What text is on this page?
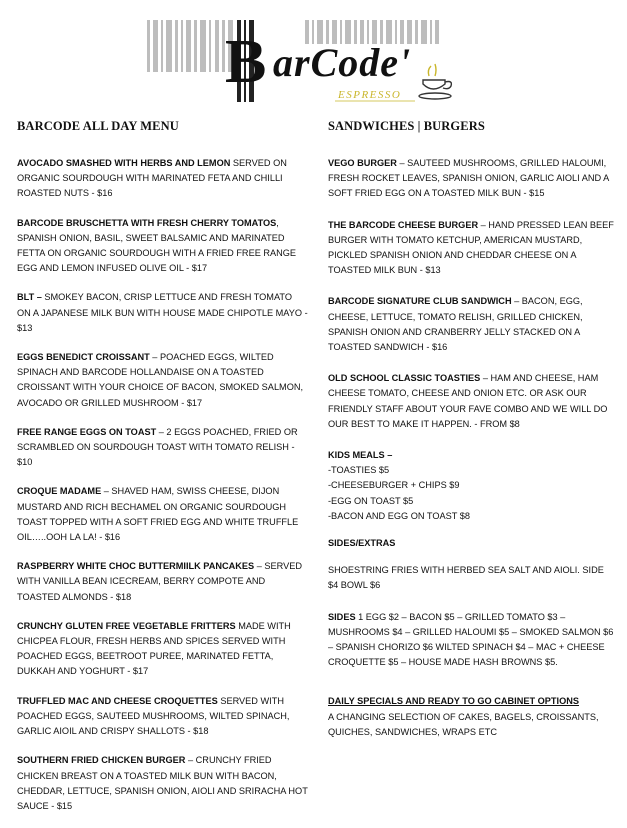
B arCode'
ESPRESSO
BARCODE ALL DAY MENU
AVOCADO SMASHED WITH HERBS AND LEMON SERVED ON ORGANIC SOURDOUGH WITH MARINATED FETA AND CHILLI ROASTED NUTS - $16
BARCODE BRUSCHETTA WITH FRESH CHERRY TOMATOS, SPANISH ONION, BASIL, SWEET BALSAMIC AND MARINATED FETTA ON ORGANIC SOURDOUGH WITH A FRIED FREE RANGE EGG AND LEMON INFUSED OLIVE OIL - $17
BLT – SMOKEY BACON, CRISP LETTUCE AND FRESH TOMATO ON A JAPANESE MILK BUN WITH HOUSE MADE CHIPOTLE MAYO - $13
EGGS BENEDICT CROISSANT – POACHED EGGS, WILTED SPINACH AND BARCODE HOLLANDAISE ON A TOASTED CROISSANT WITH YOUR CHOICE OF BACON, SMOKED SALMON, AVOCADO OR GRILLED MUSHROOM - $17
FREE RANGE EGGS ON TOAST – 2 EGGS POACHED, FRIED OR SCRAMBLED ON SOURDOUGH TOAST WITH TOMATO RELISH - $10
CROQUE MADAME – SHAVED HAM, SWISS CHEESE, DIJON MUSTARD AND RICH BECHAMEL ON ORGANIC SOURDOUGH TOAST TOPPED WITH A SOFT FRIED EGG AND WHITE TRUFFLE OIL…..OOH LA LA! - $16
RASPBERRY WHITE CHOC BUTTERMIILK PANCAKES – SERVED WITH VANILLA BEAN ICECREAM, BERRY COMPOTE AND TOASTED ALMONDS - $18
CRUNCHY GLUTEN FREE VEGETABLE FRITTERS MADE WITH CHICPEA FLOUR, FRESH HERBS AND SPICES SERVED WITH POACHED EGGS, BEETROOT PUREE, MARINATED FETTA, DUKKAH AND YOGHURT - $17
TRUFFLED MAC AND CHEESE CROQUETTES SERVED WITH POACHED EGGS, SAUTEED MUSHROOMS, WILTED SPINACH, GARLIC AIOIL AND CRISPY SHALLOTS - $18
SOUTHERN FRIED CHICKEN BURGER – CRUNCHY FRIED CHICKEN BREAST ON A TOASTED MILK BUN WITH BACON, CHEDDAR, LETTUCE, SPANISH ONION, AIOLI AND SRIRACHA HOT SAUCE - $15
SANDWICHES | BURGERS
VEGO BURGER – SAUTEED MUSHROOMS, GRILLED HALOUMI, FRESH ROCKET LEAVES, SPANISH ONION, GARLIC AIOLI AND A SOFT FRIED EGG ON A TOASTED MILK BUN - $15
THE BARCODE CHEESE BURGER – HAND PRESSED LEAN BEEF BURGER WITH TOMATO KETCHUP, AMERICAN MUSTARD, PICKLED SPANISH ONION AND CHEDDAR CHEESE ON A TOASTED MILK BUN - $13
BARCODE SIGNATURE CLUB SANDWICH – BACON, EGG, CHEESE, LETTUCE, TOMATO RELISH, GRILLED CHICKEN, SPANISH ONION AND CRANBERRY JELLY STACKED ON A TOASTED SANDWICH - $16
OLD SCHOOL CLASSIC TOASTIES – HAM AND CHEESE, HAM CHEESE TOMATO, CHEESE AND ONION ETC. OR ASK OUR FRIENDLY STAFF ABOUT YOUR FAVE COMBO AND WE WILL DO OUR BEST TO MAKE IT HAPPEN. - FROM $8
KIDS MEALS –
-TOASTIES $5
-CHEESEBURGER + CHIPS $9
-EGG ON TOAST $5
-BACON AND EGG ON TOAST $8
SIDES/EXTRAS
SHOESTRING FRIES WITH HERBED SEA SALT AND AIOLI. SIDE $4 BOWL $6
SIDES 1 EGG $2 – BACON $5 – GRILLED TOMATO $3 – MUSHROOMS $4 – GRILLED HALOUMI $5 – SMOKED SALMON $6 – SPANISH CHORIZO $6 WILTED SPINACH $4 – MAC + CHEESE CROQUETTE $5 – HOUSE MADE HASH BROWNS $5.
DAILY SPECIALS AND READY TO GO CABINET OPTIONS
A CHANGING SELECTION OF CAKES, BAGELS, CROISSANTS, QUICHES, SANDWICHES, WRAPS ETC
